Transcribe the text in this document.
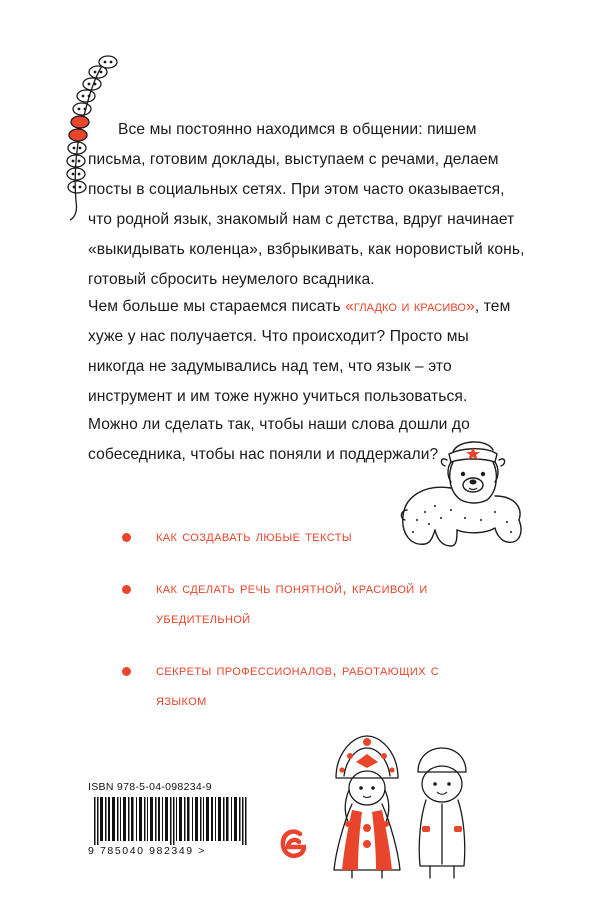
Все мы постоянно находимся в общении: пишем письма, готовим доклады, выступаем с речами, делаем посты в социальных сетях. При этом часто оказывается, что родной язык, знакомый нам с детства, вдруг начинает «выкидывать коленца», взбрыкивать, как норовистый конь, готовый сбросить неумелого всадника.

Чем больше мы стараемся писать «гладко и красиво», тем хуже у нас получается. Что происходит? Просто мы никогда не задумывались над тем, что язык – это инструмент и им тоже нужно учиться пользоваться.

Можно ли сделать так, чтобы наши слова дошли до собеседника, чтобы нас поняли и поддержали?

как создавать любые тексты
как сделать речь понятной, красивой и убедительной
секреты профессионалов, работающих с языком
ISBN 978-5-04-098234-9
9 785040 982349 >
